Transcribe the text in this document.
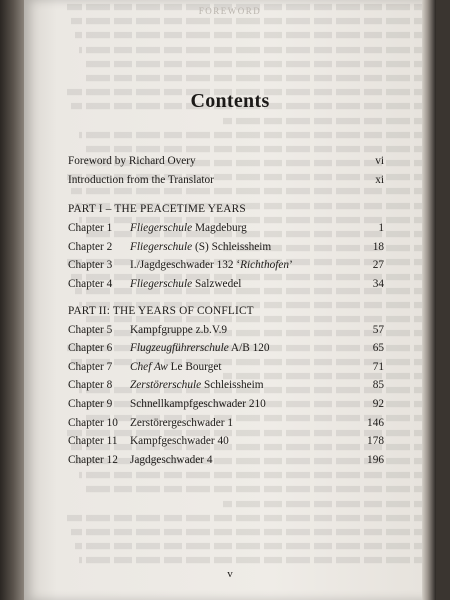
FOREWORD
Contents
Foreword by Richard Overy	vi
Introduction from the Translator	xi
PART I – THE PEACETIME YEARS
Chapter 1 Fliegerschule Magdeburg	1
Chapter 2 Fliegerschule (S) Schleissheim	18
Chapter 3 I./Jagdgeschwader 132 ‘Richthofen’	27
Chapter 4 Fliegerschule Salzwedel	34
PART II: THE YEARS OF CONFLICT
Chapter 5 Kampfgruppe z.b.V.9	57
Chapter 6 Flugzeugführerschule A/B 120	65
Chapter 7 Chef Aw Le Bourget	71
Chapter 8 Zerstörerschule Schleissheim	85
Chapter 9 Schnellkampfgeschwader 210	92
Chapter 10 Zerstörergeschwader 1	146
Chapter 11 Kampfgeschwader 40	178
Chapter 12 Jagdgeschwader 4	196
v
